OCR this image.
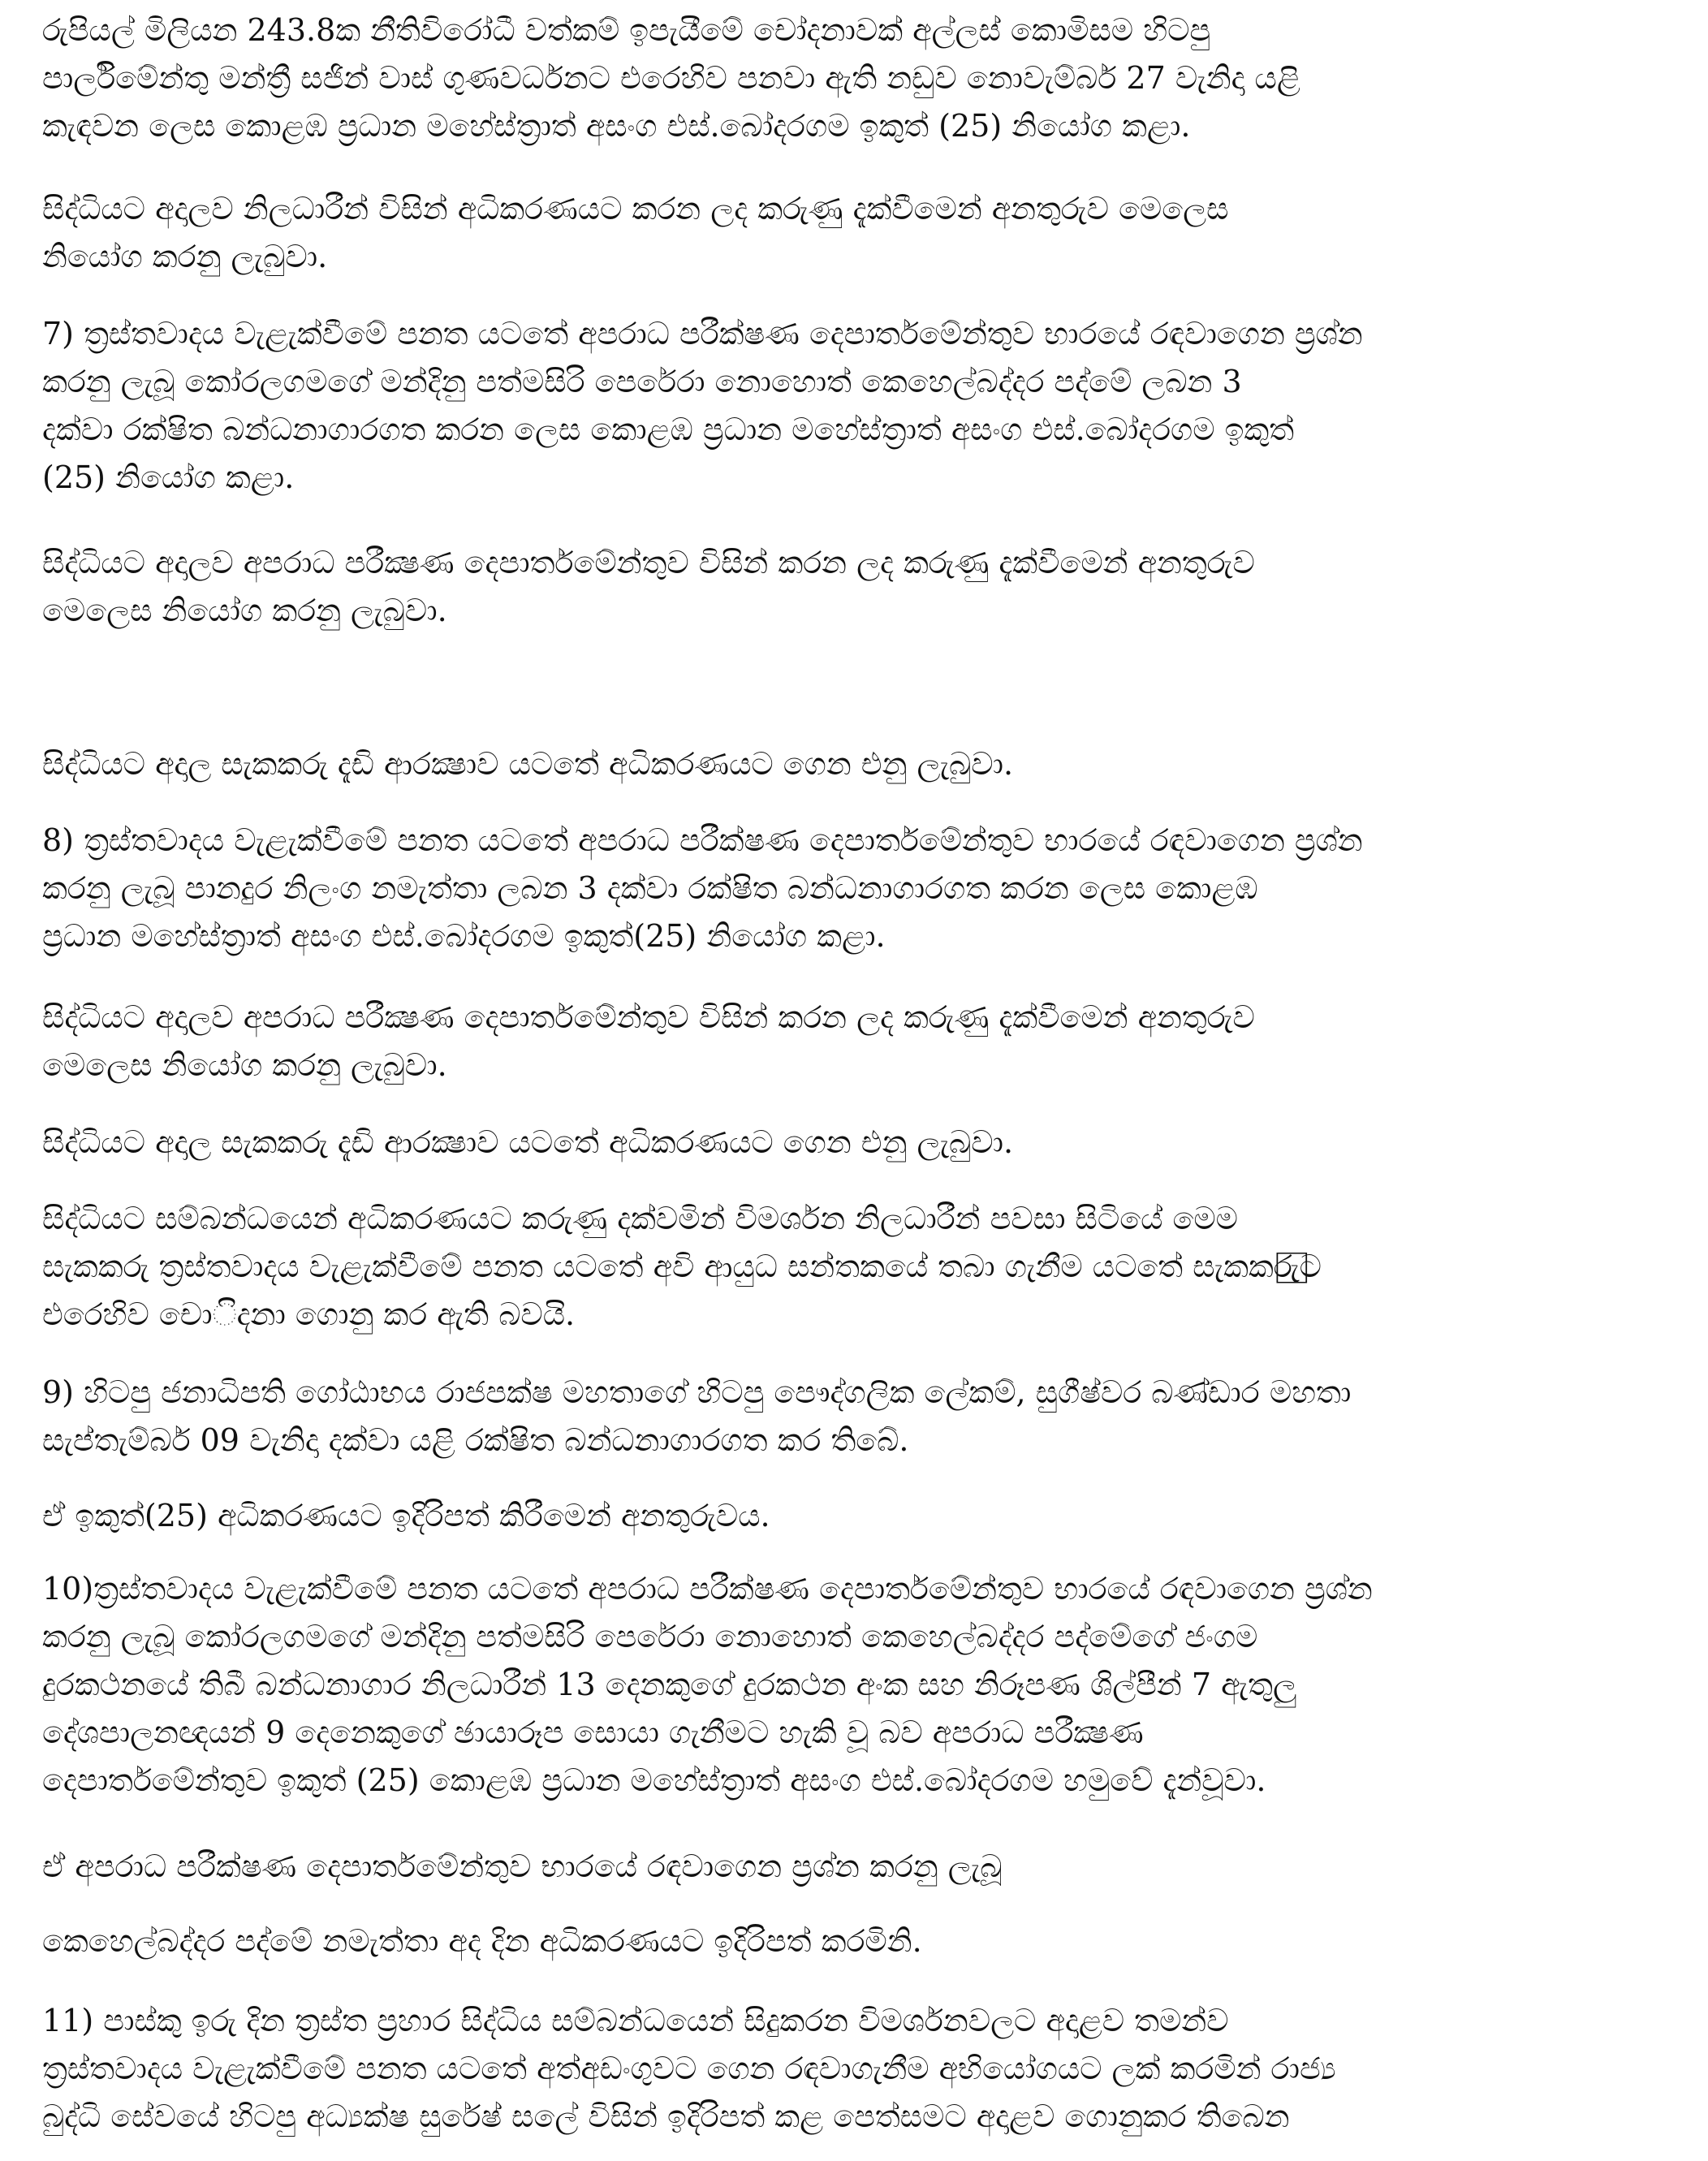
රුපියල් මිලියන 243.8ක නීතිවිරෝධී වත්කම් ඉපැයීමේ චෝදනාවක් අල්ලස් කොමිසම හිටපු
පාර්ලිමේන්තු මන්ත්‍රී සජින් වාස් ගුණවර්ධනට එරෙහිව පනවා ඇති නඩුව නොවැම්බර් 27 වැනිදා යළි
කැඳවන ලෙස කොළඹ ප්‍රධාන මහේස්ත්‍රාත් අසංග එස්.බෝදරගම ඉකුත් (25) නියෝග කළා.

සිද්ධියට අදාලව නිලධාරීන් විසින් අධිකරණයට කරන ලද කරුණු දැක්වීමෙන් අනතුරුව මෙලෙස
නියෝග කරනු ලැබුවා.

7) ත්‍රස්තවාදය වැළැක්වීමේ පනත යටතේ අපරාධ පරීක්ෂණ දෙපාර්තමේන්තුව භාරයේ රඳවාගෙන ප්‍රශ්න
කරනු ලැබූ කෝරලගමගේ මන්දිනු පත්මසිරි පෙරේරා නොහොත් කෙහෙල්බද්දර පද්මේ ලබන 3
දක්වා රක්ෂිත බන්ධනාගාරගත කරන ලෙස කොළඹ ප්‍රධාන මහේස්ත්‍රාත් අසංග එස්.බෝදරගම ඉකුත්
(25) නියෝග කළා.

සිද්ධියට අදාලව අපරාධ පරීක්‍ෂණ දෙපාර්තමේන්තුව විසින් කරන ලද කරුණු දැක්වීමෙන් අනතුරුව
මෙලෙස නියෝග කරනු ලැබුවා.

සිද්ධියට අදාල සැකකරු දැඩි ආරක්‍ෂාව යටතේ අධිකරණයට ගෙන එනු ලැබුවා.

8) ත්‍රස්තවාදය වැළැක්වීමේ පනත යටතේ අපරාධ පරීක්ෂණ දෙපාර්තමේන්තුව භාරයේ රඳවාගෙන ප්‍රශ්න
කරනු ලැබූ පානදුර නිලංග නමැත්තා ලබන 3 දක්වා රක්ෂිත බන්ධනාගාරගත කරන ලෙස කොළඹ
ප්‍රධාන මහේස්ත්‍රාත් අසංග එස්.බෝදරගම ඉකුත්(25) නියෝග කළා.

සිද්ධියට අදාලව අපරාධ පරීක්‍ෂණ දෙපාර්තමේන්තුව විසින් කරන ලද කරුණු දැක්වීමෙන් අනතුරුව
මෙලෙස නියෝග කරනු ලැබුවා.

සිද්ධියට අදාල සැකකරු දැඩි ආරක්‍ෂාව යටතේ අධිකරණයට ගෙන එනු ලැබුවා.

සිද්ධියට සම්බන්ධයෙන් අධිකරණයට කරුණු දක්වමින් විමර්ශන නිලධාරීන් පවසා සිටියේ මෙම
සැකකරු ත්‍රස්තවාදය වැළැක්වීමේ පනත යටතේ අවි ආයුධ සන්තකයේ තබා ගැනීම යටතේ සැකකරු⃞ට
එරෙහිව චො◌ිදනා ගොනු කර ඇති බවයි.

9) හිටපු ජනාධිපති ගෝඨාභය රාජපක්ෂ මහතාගේ හිටපු පෞද්ගලික ලේකම්, සුගීෂ්වර බණ්ඩාර මහතා
සැප්තැම්බර් 09 වැනිදා දක්වා යළි රක්ෂිත බන්ධනාගාරගත කර තිබේ.

ඒ ඉකුත්(25) අධිකරණයට ඉදිරිපත් කිරීමෙන් අනතුරුවය.

10)ත්‍රස්තවාදය වැළැක්වීමේ පනත යටතේ අපරාධ පරීක්ෂණ දෙපාර්තමේන්තුව භාරයේ රඳවාගෙන ප්‍රශ්න
කරනු ලැබූ කෝරලගමගේ මන්දිනු පත්මසිරි පෙරේරා නොහොත් කෙහෙල්බද්දර පද්මේගේ ජංගම
දුරකථනයේ තිබී බන්ධනාගාර නිලධාරීන් 13 දෙනකුගේ දුරකථන අංක සහ නිරූපණ ශිල්පීන් 7 ඇතුලු
දේශපාලනඥයන් 9 දෙනෙකුගේ ඡායාරූප සොයා ගැනීමට හැකි වූ බව අපරාධ පරීක්‍ෂණ
දෙපාර්තමේන්තුව ඉකුත් (25) කොළඹ ප්‍රධාන මහේස්ත්‍රාත් අසංග එස්.බෝදරගම හමුවේ දැන්වූවා.

ඒ අපරාධ පරීක්ෂණ දෙපාර්තමේන්තුව භාරයේ රඳවාගෙන ප්‍රශ්න කරනු ලැබූ

කෙහෙල්බද්දර පද්මේ නමැත්තා අද දින අධිකරණයට ඉදිරිපත් කරමිනි.

11) පාස්කු ඉරු දින ත්‍රස්ත ප්‍රහාර සිද්ධිය සම්බන්ධයෙන් සිදුකරන විමර්ශනවලට අදාළව තමන්ව
ත්‍රස්තවාදය වැළැක්වීමේ පනත යටතේ අත්අඩංගුවට ගෙන රඳවාගැනීම අභියෝගයට ලක් කරමින් රාජ්‍ය
බුද්ධි සේවයේ හිටපු අධ්‍යක්ෂ සුරේෂ් සලේ විසින් ඉදිරිපත් කළ පෙත්සමට අදාළව ගොනුකර තිබෙන
